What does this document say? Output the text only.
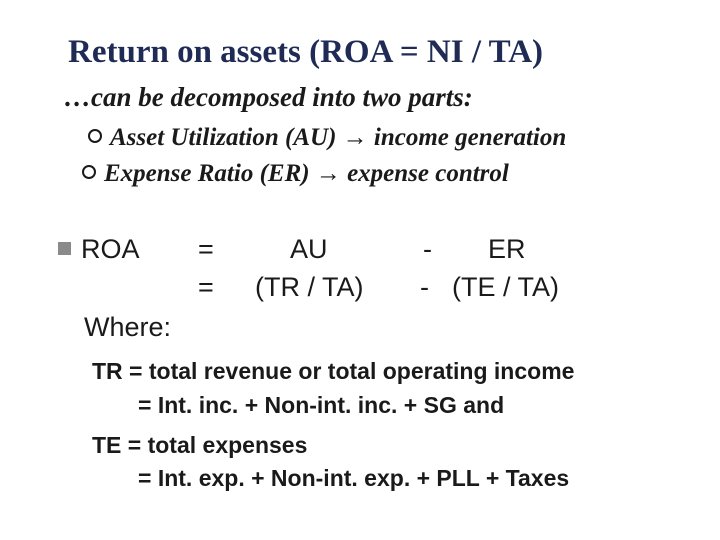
Return on assets (ROA = NI / TA)
…can be decomposed into two parts:
Asset Utilization (AU) → income generation
Expense Ratio (ER) → expense control
ROA =	AU	- ER
= (TR / TA) - (TE / TA)
Where:
TR = total revenue or total operating income
= Int. inc. + Non-int. inc. + SG and
TE = total expenses
= Int. exp. + Non-int. exp. + PLL + Taxes
